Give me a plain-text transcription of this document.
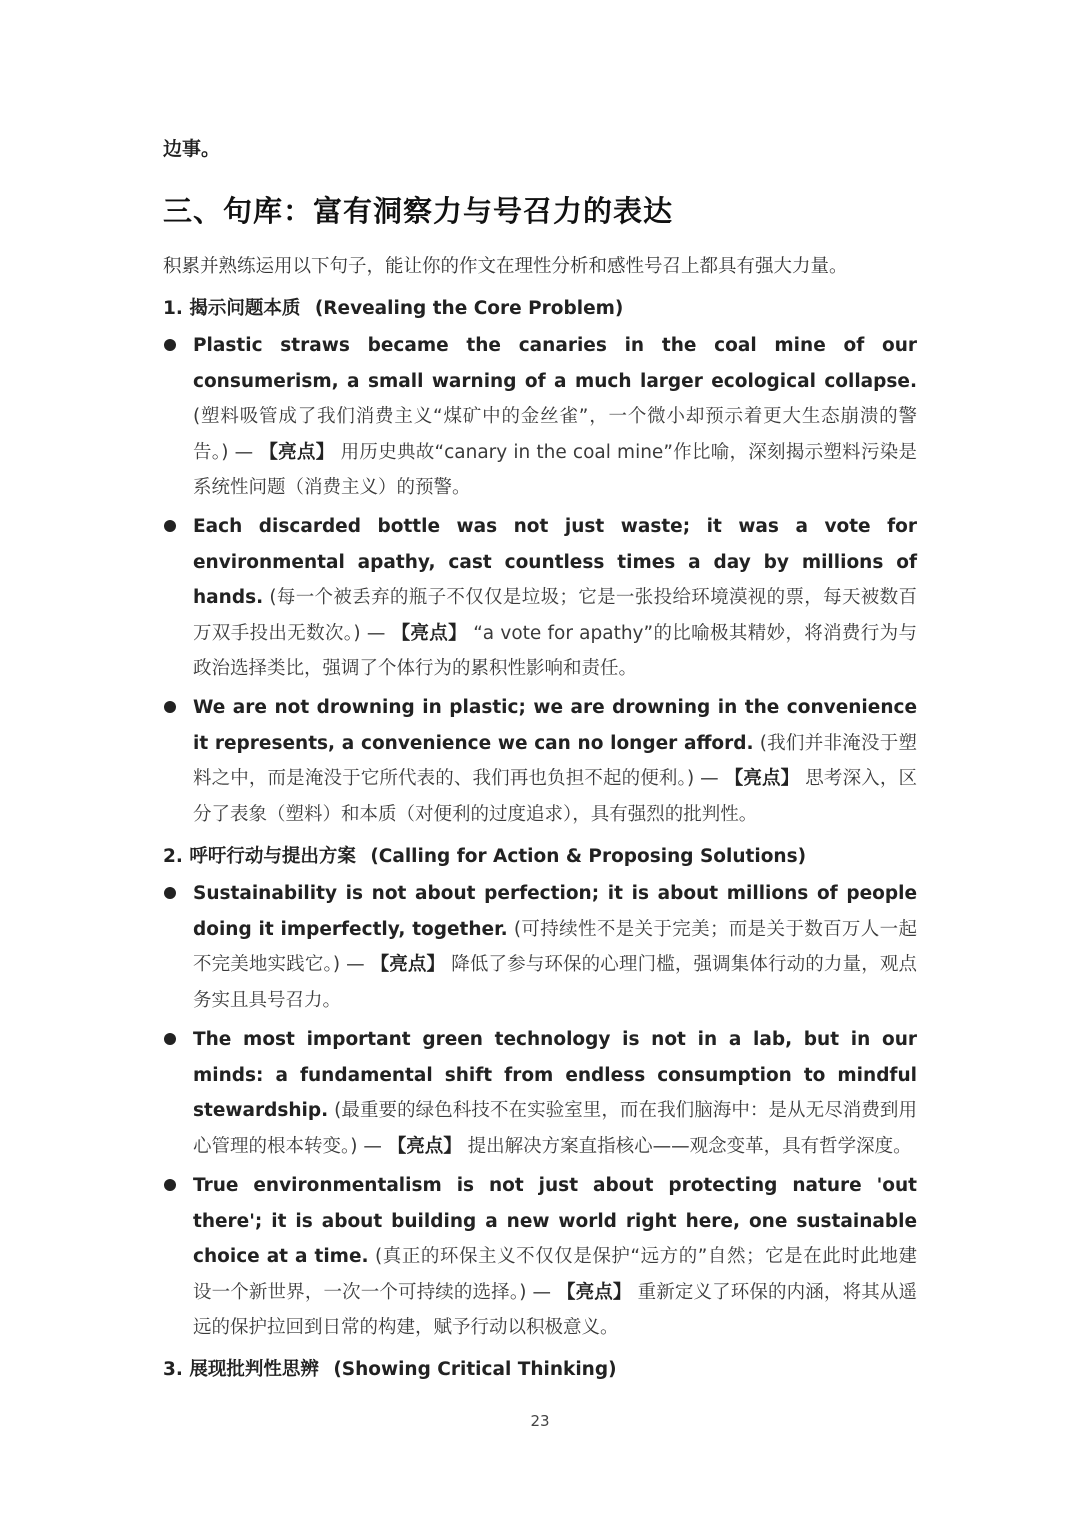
边事。
三、句库：富有洞察力与号召力的表达
积累并熟练运用以下句子，能让你的作文在理性分析和感性号召上都具有强大力量。
1. 揭示问题本质 (Revealing the Core Problem)
Plastic straws became the canaries in the coal mine of our consumerism, a small warning of a much larger ecological collapse. (塑料吸管成了我们消费主义“煤矿中的金丝雀”，一个微小却预示着更大生态崩溃的警告。) — 【亮点】 用历史典故“canary in the coal mine”作比喻，深刻揭示塑料污染是系统性问题（消费主义）的预警。
Each discarded bottle was not just waste; it was a vote for environmental apathy, cast countless times a day by millions of hands. (每一个被丢弃的瓶子不仅仅是垃圾；它是一张投给环境漠视的票，每天被数百万双手投出无数次。) — 【亮点】 “a vote for apathy”的比喻极其精妙，将消费行为与政治选择类比，强调了个体行为的累积性影响和责任。
We are not drowning in plastic; we are drowning in the convenience it represents, a convenience we can no longer afford. (我们并非淹没于塑料之中，而是淹没于它所代表的、我们再也负担不起的便利。) — 【亮点】 思考深入，区分了表象（塑料）和本质（对便利的过度追求），具有强烈的批判性。
2. 呼吁行动与提出方案 (Calling for Action & Proposing Solutions)
Sustainability is not about perfection; it is about millions of people doing it imperfectly, together. (可持续性不是关于完美；而是关于数百万人一起不完美地实践它。) — 【亮点】 降低了参与环保的心理门槛，强调集体行动的力量，观点务实且具号召力。
The most important green technology is not in a lab, but in our minds: a fundamental shift from endless consumption to mindful stewardship. (最重要的绿色科技不在实验室里，而在我们脑海中：是从无尽消费到用心管理的根本转变。) — 【亮点】 提出解决方案直指核心——观念变革，具有哲学深度。
True environmentalism is not just about protecting nature 'out there'; it is about building a new world right here, one sustainable choice at a time. (真正的环保主义不仅仅是保护“远方的”自然；它是在此时此地建设一个新世界，一次一个可持续的选择。) — 【亮点】 重新定义了环保的内涵，将其从遥远的保护拉回到日常的构建，赋予行动以积极意义。
3. 展现批判性思辨 (Showing Critical Thinking)
23
